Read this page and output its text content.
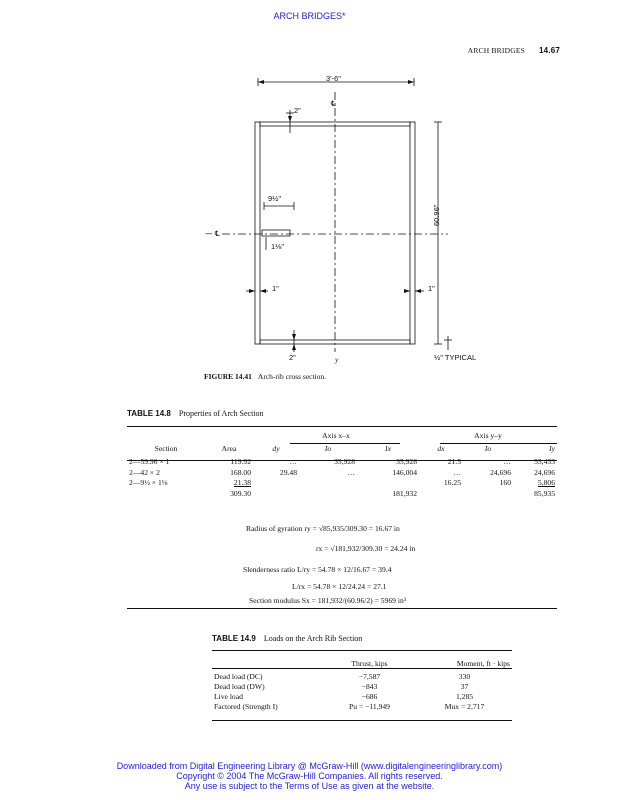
ARCH BRIDGES*
ARCH BRIDGES 14.67
3'-6"
℄
2"
9½"
— ℄
1⅛"
1"	1"
2"	y
60.96"
½" TYPICAL
FIGURE 14.41 Arch-rib cross section.
TABLE 14.8 Properties of Arch Section
		Axis x–x			Axis y–y		
Section	Area	dy	Io	Ix	dx	Io	Iy
2—59.96 × 1	119.92	…	35,928	35,928	21.5	…	55,433
2—42 × 2	168.00	29.48	…	146,004	…	24,696	24,696
2—9½ × 1⅛	21.38				16.25	160	5,806
	309.30			181,932			85,935
Radius of gyration ry = √85,935/309.30 = 16.67 in
rx = √181,932/309.30 = 24.24 in
Slenderness ratio L/ry = 54.78 × 12/16.67 = 39.4
L/rx = 54.78 × 12/24.24 = 27.1
Section modulus Sx = 181,932/(60.96/2) = 5969 in³
TABLE 14.9 Loads on the Arch Rib Section
	Thrust, kips	Moment, ft · kips
Dead load (DC)	−7,587	330
Dead load (DW)	−843	37
Live load	−686	1,285
Factored (Strength I)	Pu = −11,949	Mux = 2,717
Downloaded from Digital Engineering Library @ McGraw-Hill (www.digitalengineeringlibrary.com)
Copyright © 2004 The McGraw-Hill Companies. All rights reserved.
Any use is subject to the Terms of Use as given at the website.
